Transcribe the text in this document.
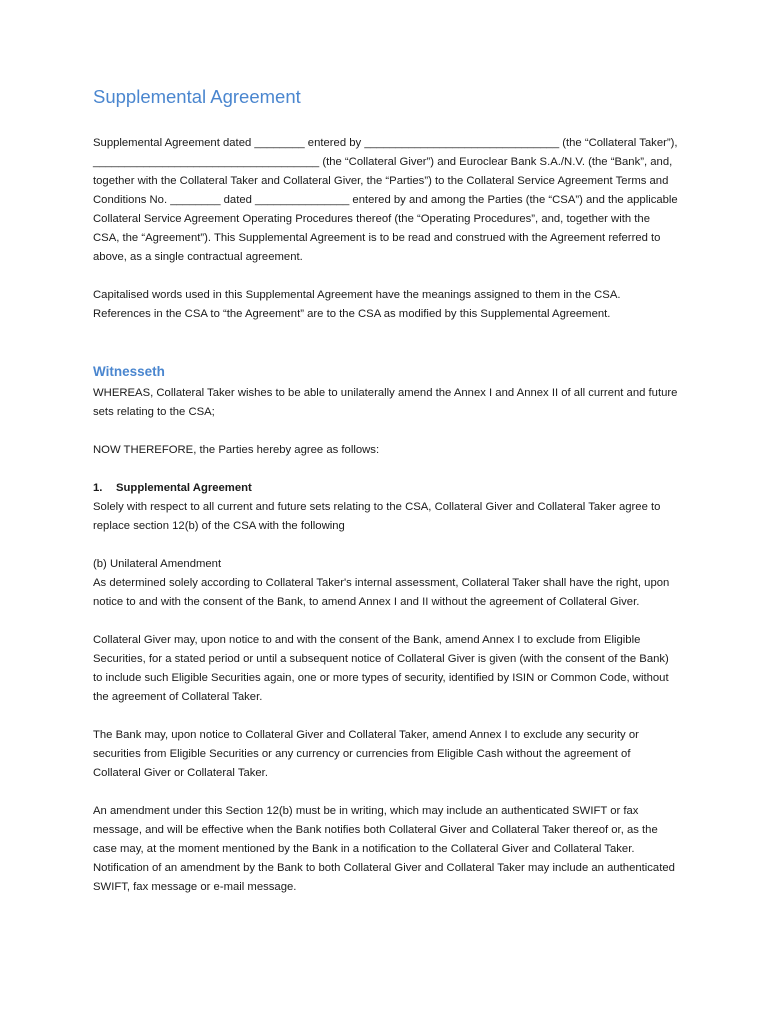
Supplemental Agreement

Supplemental Agreement dated ________ entered by _______________________________ (the “Collateral Taker”), ____________________________________ (the “Collateral Giver”) and Euroclear Bank S.A./N.V. (the “Bank”, and, together with the Collateral Taker and Collateral Giver, the “Parties”) to the Collateral Service Agreement Terms and Conditions No. ________ dated _______________ entered by and among the Parties (the “CSA”) and the applicable Collateral Service Agreement Operating Procedures thereof (the “Operating Procedures”, and, together with the CSA, the “Agreement”). This Supplemental Agreement is to be read and construed with the Agreement referred to above, as a single contractual agreement.

Capitalised words used in this Supplemental Agreement have the meanings assigned to them in the CSA. References in the CSA to “the Agreement” are to the CSA as modified by this Supplemental Agreement.

Witnesseth

WHEREAS, Collateral Taker wishes to be able to unilaterally amend the Annex I and Annex II of all current and future sets relating to the CSA;

NOW THEREFORE, the Parties hereby agree as follows:

1. Supplemental Agreement

Solely with respect to all current and future sets relating to the CSA, Collateral Giver and Collateral Taker agree to replace section 12(b) of the CSA with the following

(b) Unilateral Amendment

As determined solely according to Collateral Taker's internal assessment, Collateral Taker shall have the right, upon notice to and with the consent of the Bank, to amend Annex I and II without the agreement of Collateral Giver.

Collateral Giver may, upon notice to and with the consent of the Bank, amend Annex I to exclude from Eligible Securities, for a stated period or until a subsequent notice of Collateral Giver is given (with the consent of the Bank) to include such Eligible Securities again, one or more types of security, identified by ISIN or Common Code, without the agreement of Collateral Taker.

The Bank may, upon notice to Collateral Giver and Collateral Taker, amend Annex I to exclude any security or securities from Eligible Securities or any currency or currencies from Eligible Cash without the agreement of Collateral Giver or Collateral Taker.

An amendment under this Section 12(b) must be in writing, which may include an authenticated SWIFT or fax message, and will be effective when the Bank notifies both Collateral Giver and Collateral Taker thereof or, as the case may, at the moment mentioned by the Bank in a notification to the Collateral Giver and Collateral Taker. Notification of an amendment by the Bank to both Collateral Giver and Collateral Taker may include an authenticated SWIFT, fax message or e-mail message.
